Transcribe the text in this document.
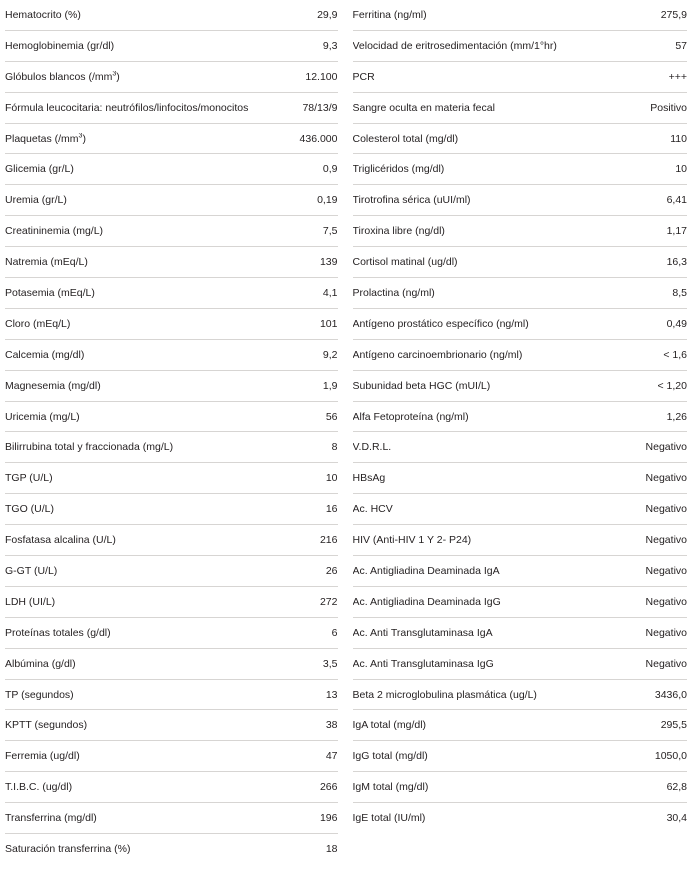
Hematocrito (%)	29,9
Hemoglobinemia (gr/dl)	9,3
Glóbulos blancos $(/mm^3)$	12.100
Fórmula leucocitaria: neutrófilos/linfocitos/monocitos	78/13/9
Plaquetas $(/mm^3)$	436.000
Glicemia (gr/L)	0,9
Uremia (gr/L)	0,19
Creatininemia (mg/L)	7,5
Natremia (mEq/L)	139
Potasemia (mEq/L)	4,1
Cloro (mEq/L)	101
Calcemia (mg/dl)	9,2
Magnesemia (mg/dl)	1,9
Uricemia (mg/L)	56
Bilirrubina total y fraccionada (mg/L)	8
TGP (U/L)	10
TGO (U/L)	16
Fosfatasa alcalina (U/L)	216
G-GT (U/L)	26
LDH (UI/L)	272
Proteínas totales (g/dl)	6
Albúmina (g/dl)	3,5
TP (segundos)	13
KPTT (segundos)	38
Ferremia (ug/dl)	47
T.I.B.C. (ug/dl)	266
Transferrina (mg/dl)	196
Saturación transferrina (%)	18
Ferritina (ng/ml)	275,9
Velocidad de eritrosedimentación (mm/1°hr)	57
PCR	+++
Sangre oculta en materia fecal	Positivo
Colesterol total (mg/dl)	110
Triglicéridos (mg/dl)	10
Tirotrofina sérica (uUI/ml)	6,41
Tiroxina libre (ng/dl)	1,17
Cortisol matinal (ug/dl)	16,3
Prolactina (ng/ml)	8,5
Antígeno prostático específico (ng/ml)	0,49
Antígeno carcinoembrionario (ng/ml)	< 1,6
Subunidad beta HGC (mUI/L)	< 1,20
Alfa Fetoproteína (ng/ml)	1,26
V.D.R.L.	Negativo
HBsAg	Negativo
Ac. HCV	Negativo
HIV (Anti-HIV 1 Y 2- P24)	Negativo
Ac. Antigliadina Deaminada IgA	Negativo
Ac. Antigliadina Deaminada IgG	Negativo
Ac. Anti Transglutaminasa IgA	Negativo
Ac. Anti Transglutaminasa IgG	Negativo
Beta 2 microglobulina plasmática (ug/L)	3436,0
IgA total (mg/dl)	295,5
IgG total (mg/dl)	1050,0
IgM total (mg/dl)	62,8
IgE total (IU/ml)	30,4
